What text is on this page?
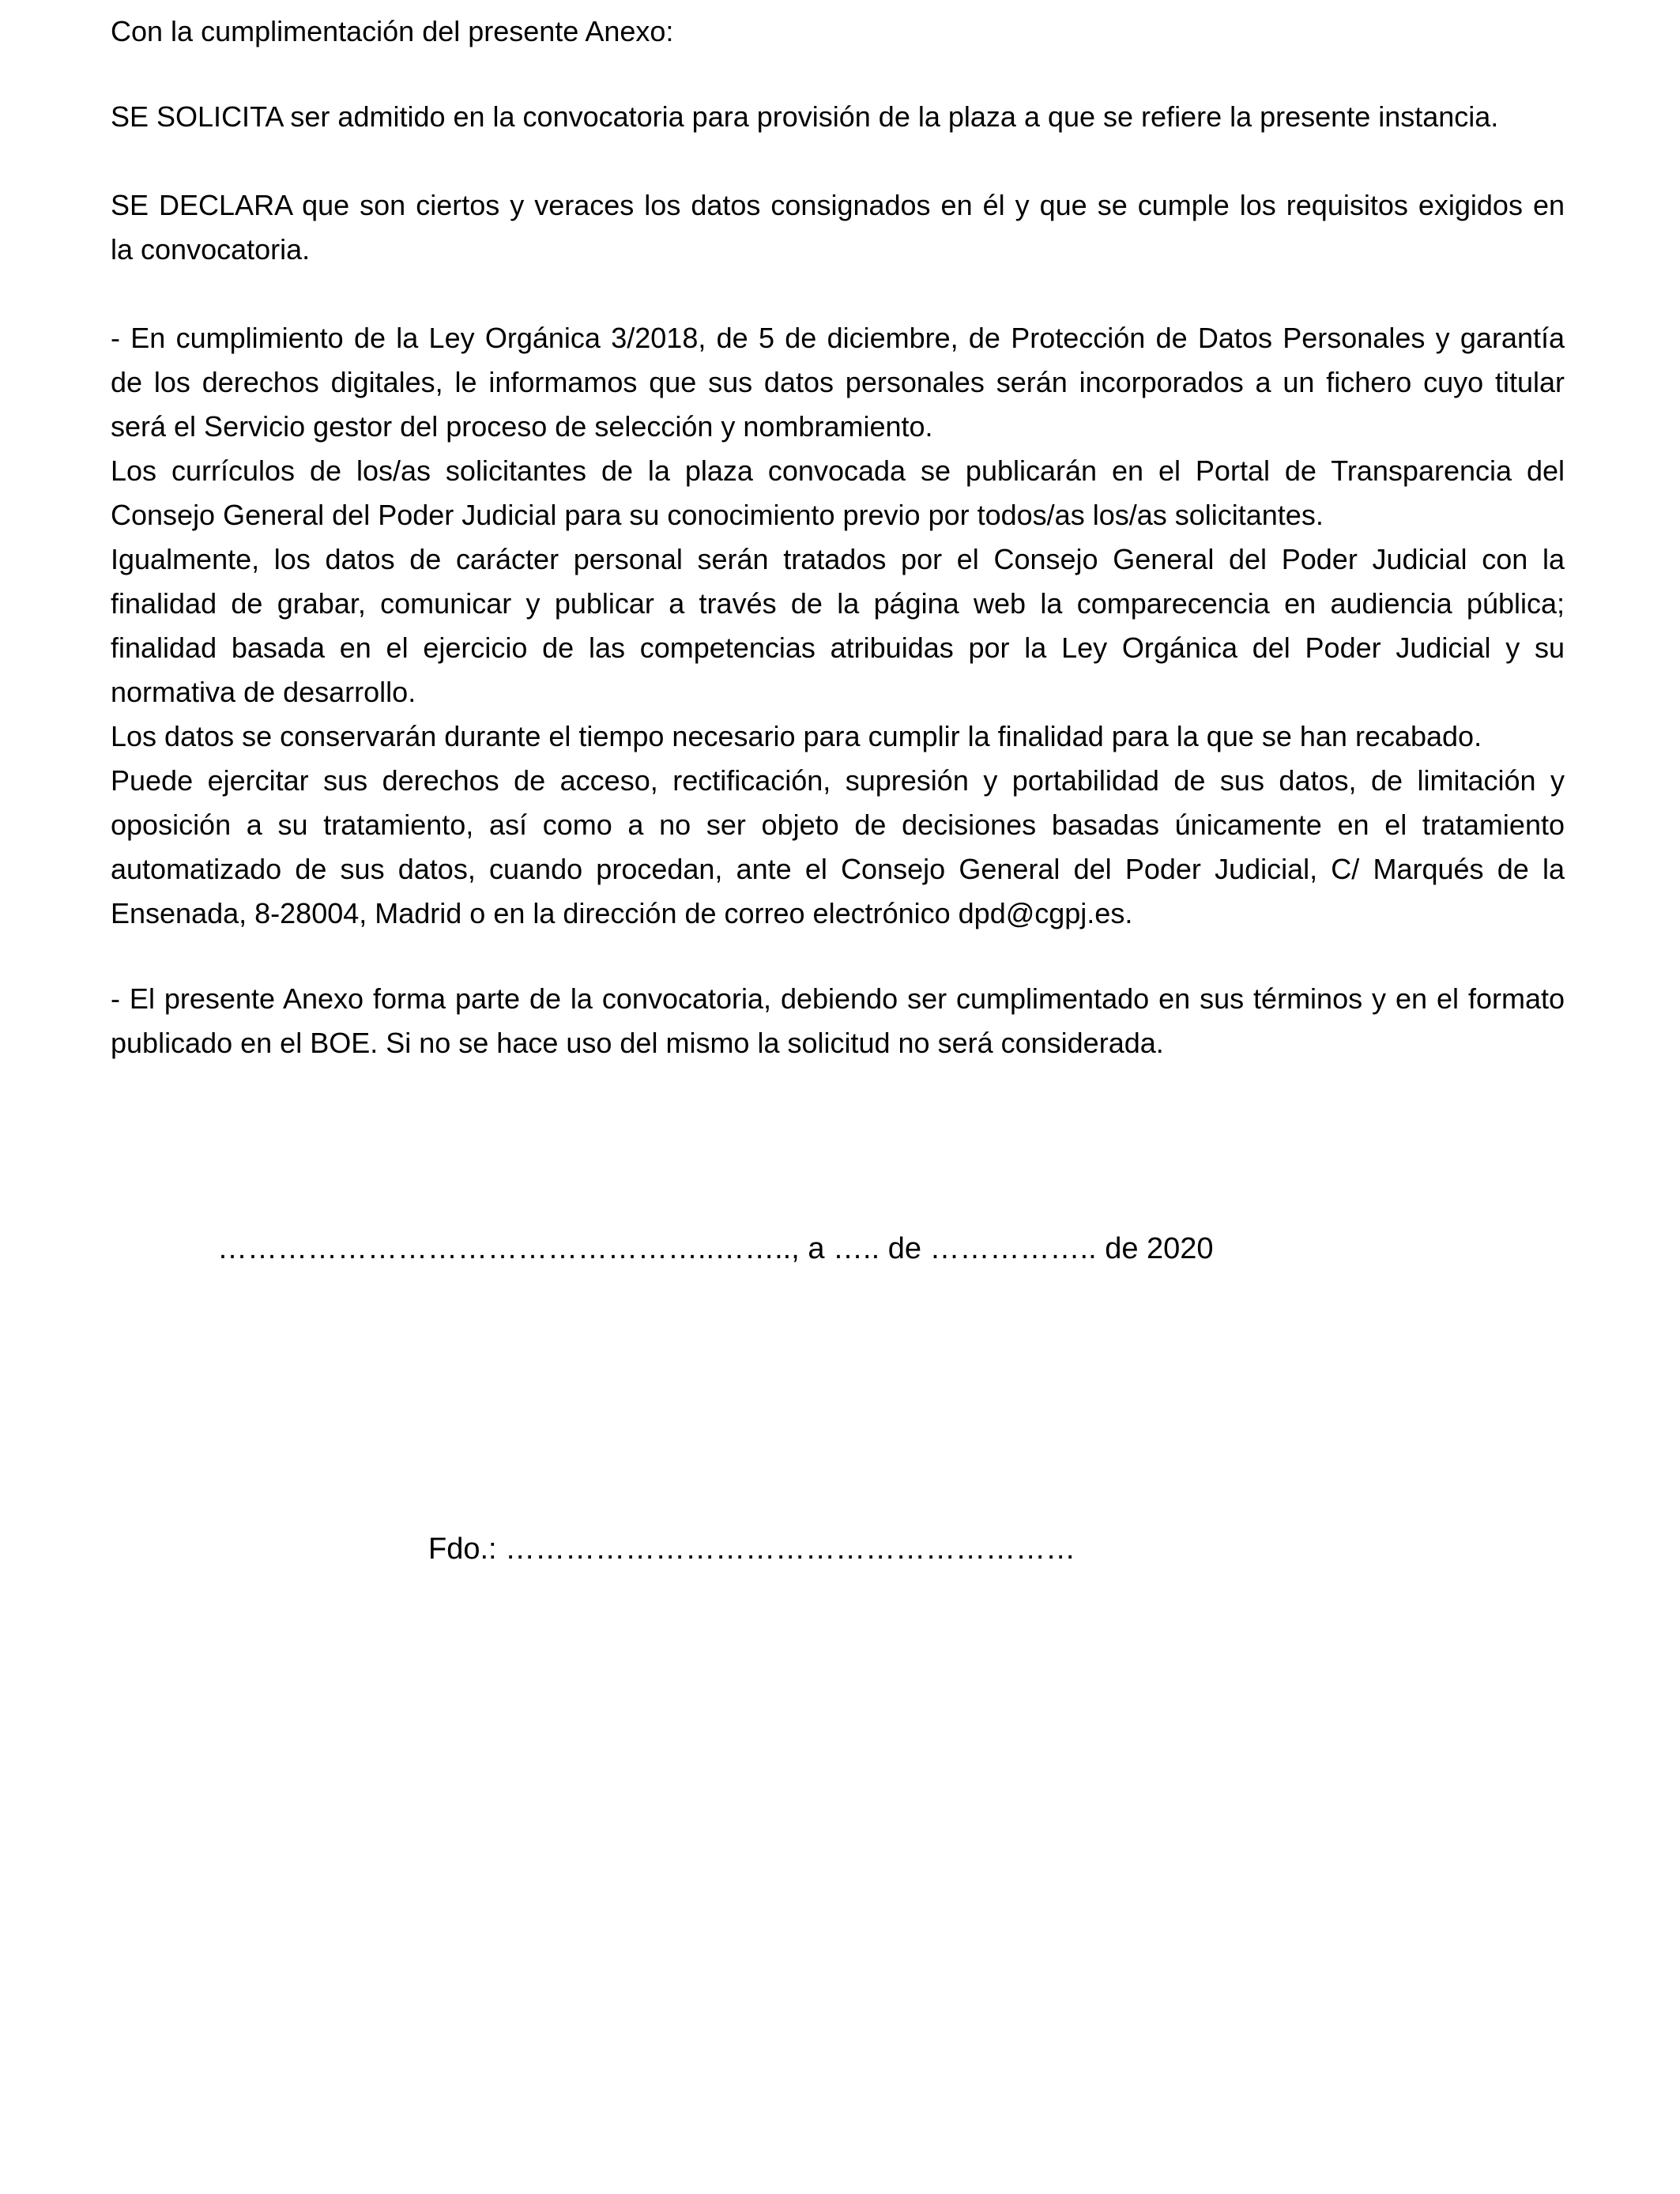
Con la cumplimentación del presente Anexo:
SE SOLICITA ser admitido en la convocatoria para provisión de la plaza a que se refiere la presente instancia.
SE DECLARA que son ciertos y veraces los datos consignados en él y que se cumple los requisitos exigidos en
la convocatoria.
- En cumplimiento de la Ley Orgánica 3/2018, de 5 de diciembre, de Protección de Datos Personales y garantía
de los derechos digitales, le informamos que sus datos personales serán incorporados a un fichero cuyo titular
será el Servicio gestor del proceso de selección y nombramiento.
Los currículos de los/as solicitantes de la plaza convocada se publicarán en el Portal de Transparencia del
Consejo General del Poder Judicial para su conocimiento previo por todos/as los/as solicitantes.
Igualmente, los datos de carácter personal serán tratados por el Consejo General del Poder Judicial con la
finalidad de grabar, comunicar y publicar a través de la página web la comparecencia en audiencia pública;
finalidad basada en el ejercicio de las competencias atribuidas por la Ley Orgánica del Poder Judicial y su
normativa de desarrollo.
Los datos se conservarán durante el tiempo necesario para cumplir la finalidad para la que se han recabado.
Puede ejercitar sus derechos de acceso, rectificación, supresión y portabilidad de sus datos, de limitación y
oposición a su tratamiento, así como a no ser objeto de decisiones basadas únicamente en el tratamiento
automatizado de sus datos, cuando procedan, ante el Consejo General del Poder Judicial, C/ Marqués de la
Ensenada, 8-28004, Madrid o en la dirección de correo electrónico dpd@cgpj.es.
- El presente Anexo forma parte de la convocatoria, debiendo ser cumplimentado en sus términos y en el formato
publicado en el BOE. Si no se hace uso del mismo la solicitud no será considerada.
…………………………………………..…….., a ….. de …………….. de 2020
Fdo.: …………………………………………………
